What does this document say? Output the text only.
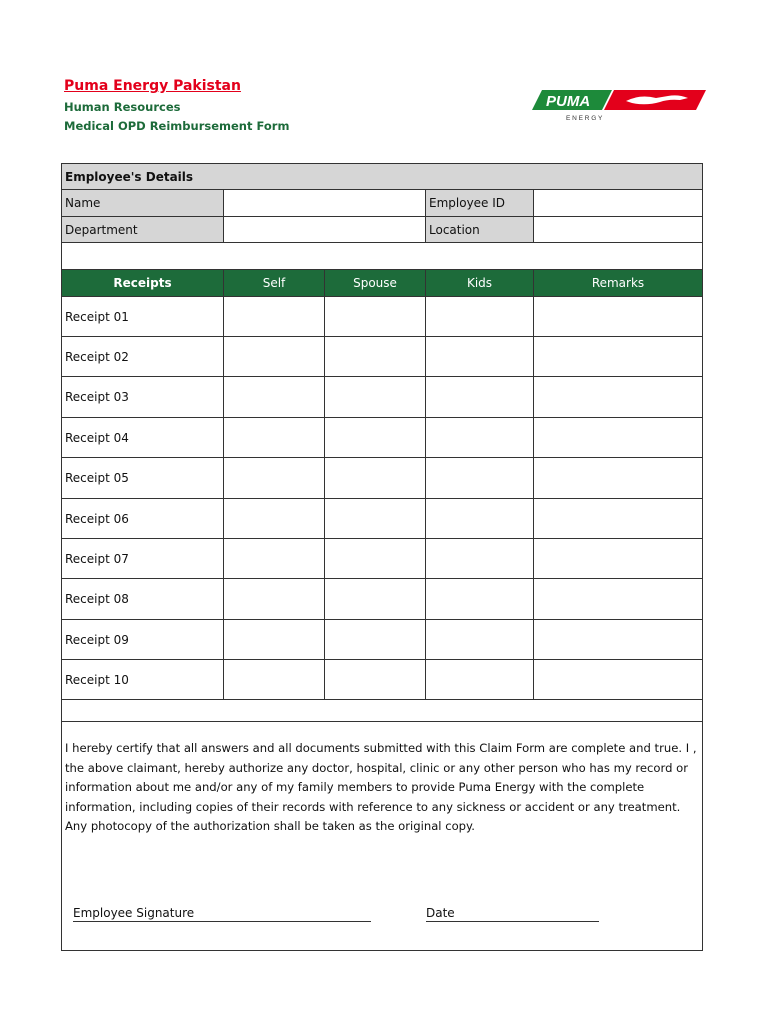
Puma Energy Pakistan
Human Resources
Medical OPD Reimbursement Form
PUMA
E N E R G Y
Employee's Details
Name	Employee ID
Department	Location
Receipts	Self	Spouse	Kids	Remarks
Receipt 01
Receipt 02
Receipt 03
Receipt 04
Receipt 05
Receipt 06
Receipt 07
Receipt 08
Receipt 09
Receipt 10
I hereby certify that all answers and all documents submitted with this Claim Form are complete and true. I , the above claimant, hereby authorize any doctor, hospital, clinic or any other person who has my record or information about me and/or any of my family members to provide Puma Energy with the complete information, including copies of their records with reference to any sickness or accident or any treatment. Any photocopy of the authorization shall be taken as the original copy.
Employee Signature	Date
